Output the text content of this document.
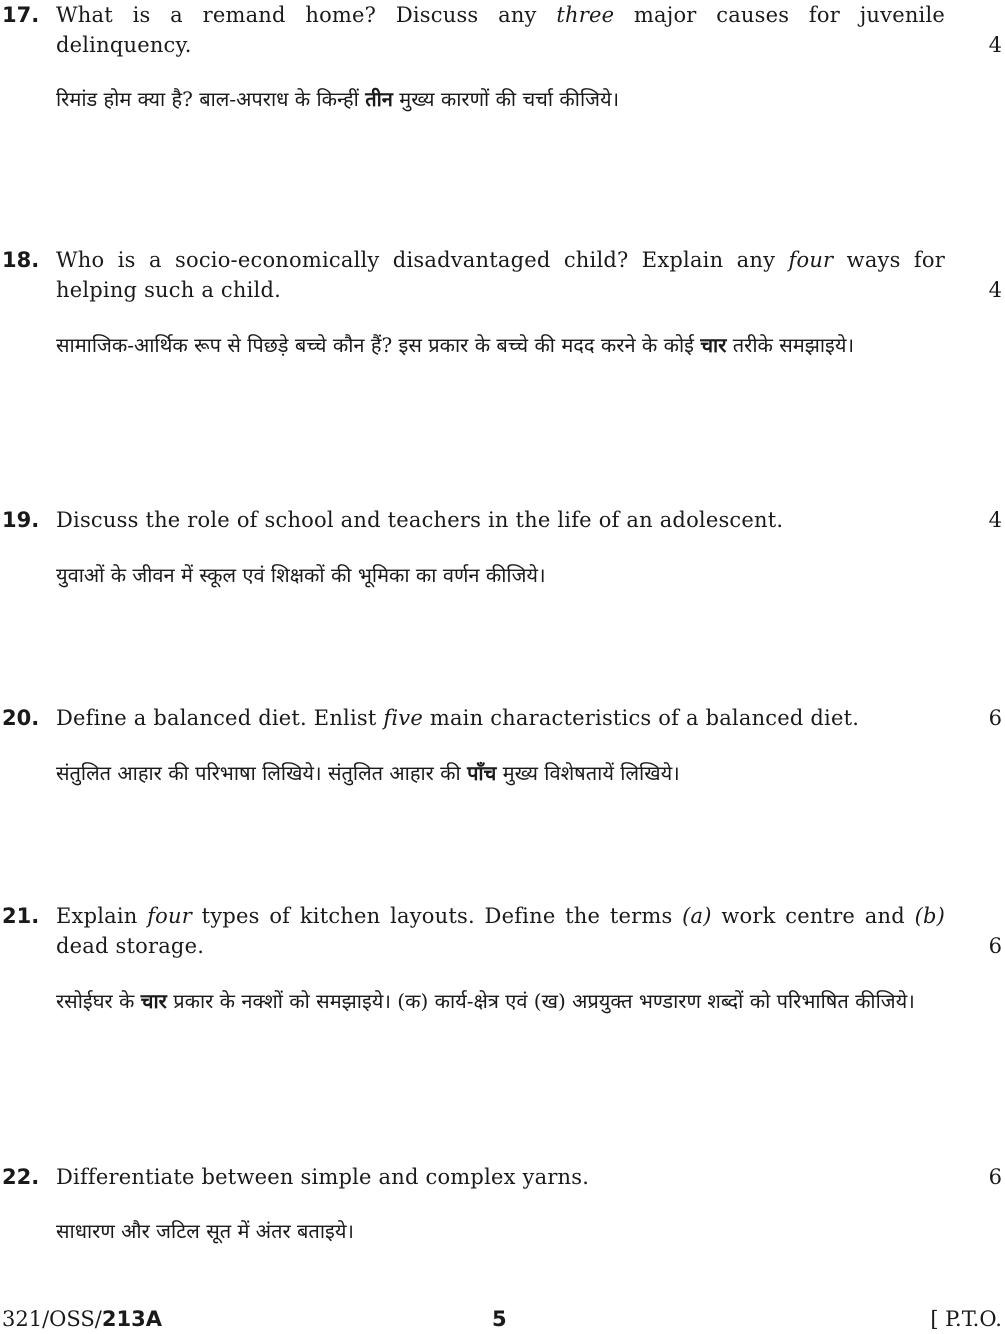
17. What is a remand home? Discuss any three major causes for juvenile delinquency.	4
रिमांड होम क्या है? बाल-अपराध के किन्हीं तीन मुख्य कारणों की चर्चा कीजिये।
18. Who is a socio-economically disadvantaged child? Explain any four ways for helping such a child.	4
सामाजिक-आर्थिक रूप से पिछड़े बच्चे कौन हैं? इस प्रकार के बच्चे की मदद करने के कोई चार तरीके समझाइये।
19. Discuss the role of school and teachers in the life of an adolescent.	4
युवाओं के जीवन में स्कूल एवं शिक्षकों की भूमिका का वर्णन कीजिये।
20. Define a balanced diet. Enlist five main characteristics of a balanced diet.	6
संतुलित आहार की परिभाषा लिखिये। संतुलित आहार की पाँच मुख्य विशेषतायें लिखिये।
21. Explain four types of kitchen layouts. Define the terms (a) work centre and (b) dead storage.	6
रसोईघर के चार प्रकार के नक्शों को समझाइये। (क) कार्य-क्षेत्र एवं (ख) अप्रयुक्त भण्डारण शब्दों को परिभाषित कीजिये।
22. Differentiate between simple and complex yarns.	6
साधारण और जटिल सूत में अंतर बताइये।
321/OSS/213A	5	[ P.T.O.
